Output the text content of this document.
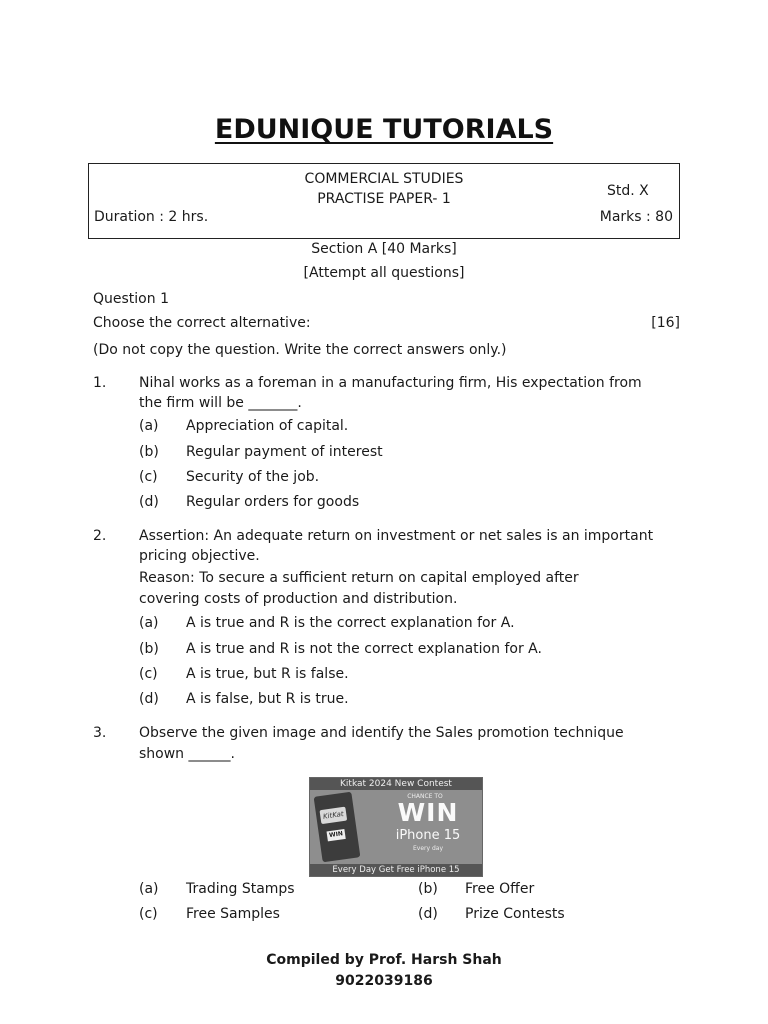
EDUNIQUE TUTORIALS
COMMERCIAL STUDIES
PRACTISE PAPER- 1	Std. X
Duration : 2 hrs.	Marks : 80
Section A [40 Marks]
[Attempt all questions]
Question 1
Choose the correct alternative:	[16]
(Do not copy the question. Write the correct answers only.)
1. Nihal works as a foreman in a manufacturing firm, His expectation from
the firm will be _______.
(a) Appreciation of capital.
(b) Regular payment of interest
(c) Security of the job.
(d) Regular orders for goods
2. Assertion: An adequate return on investment or net sales is an important
pricing objective.
Reason: To secure a sufficient return on capital employed after
covering costs of production and distribution.
(a) A is true and R is the correct explanation for A.
(b) A is true and R is not the correct explanation for A.
(c) A is true, but R is false.
(d) A is false, but R is true.
3. Observe the given image and identify the Sales promotion technique
shown ______.
Kitkat 2024 New Contest
KitKat
WIN
CHANCE TO
WIN
iPhone 15
Every day
Every Day Get Free iPhone 15
(a) Trading Stamps	(b) Free Offer
(c) Free Samples	(d) Prize Contests
Compiled by Prof. Harsh Shah
9022039186
